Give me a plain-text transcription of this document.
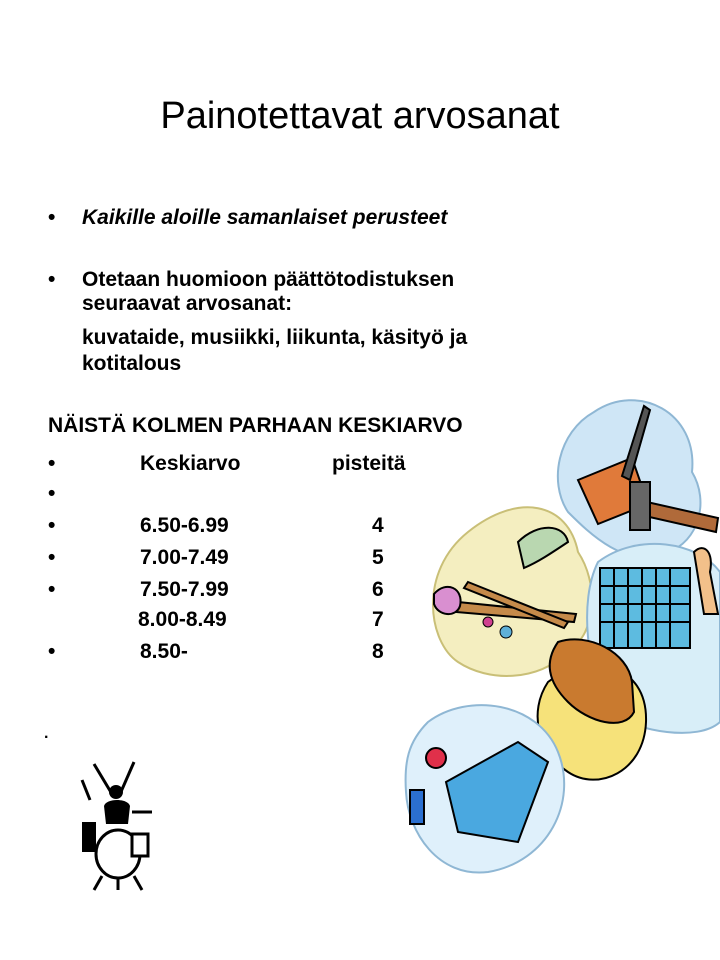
Painotettavat arvosanat
• Kaikille aloille samanlaiset perusteet
• Otetaan huomioon päättötodistuksen
seuraavat arvosanat:
kuvataide, musiikki, liikunta, käsityö ja
kotitalous
NÄISTÄ KOLMEN PARHAAN KESKIARVO
•	Keskiarvo	pisteitä
•
•	6.50-6.99	4
•	7.00-7.49	5
•	7.50-7.99	6
8.00-8.49	7
•	8.50-	8
.
